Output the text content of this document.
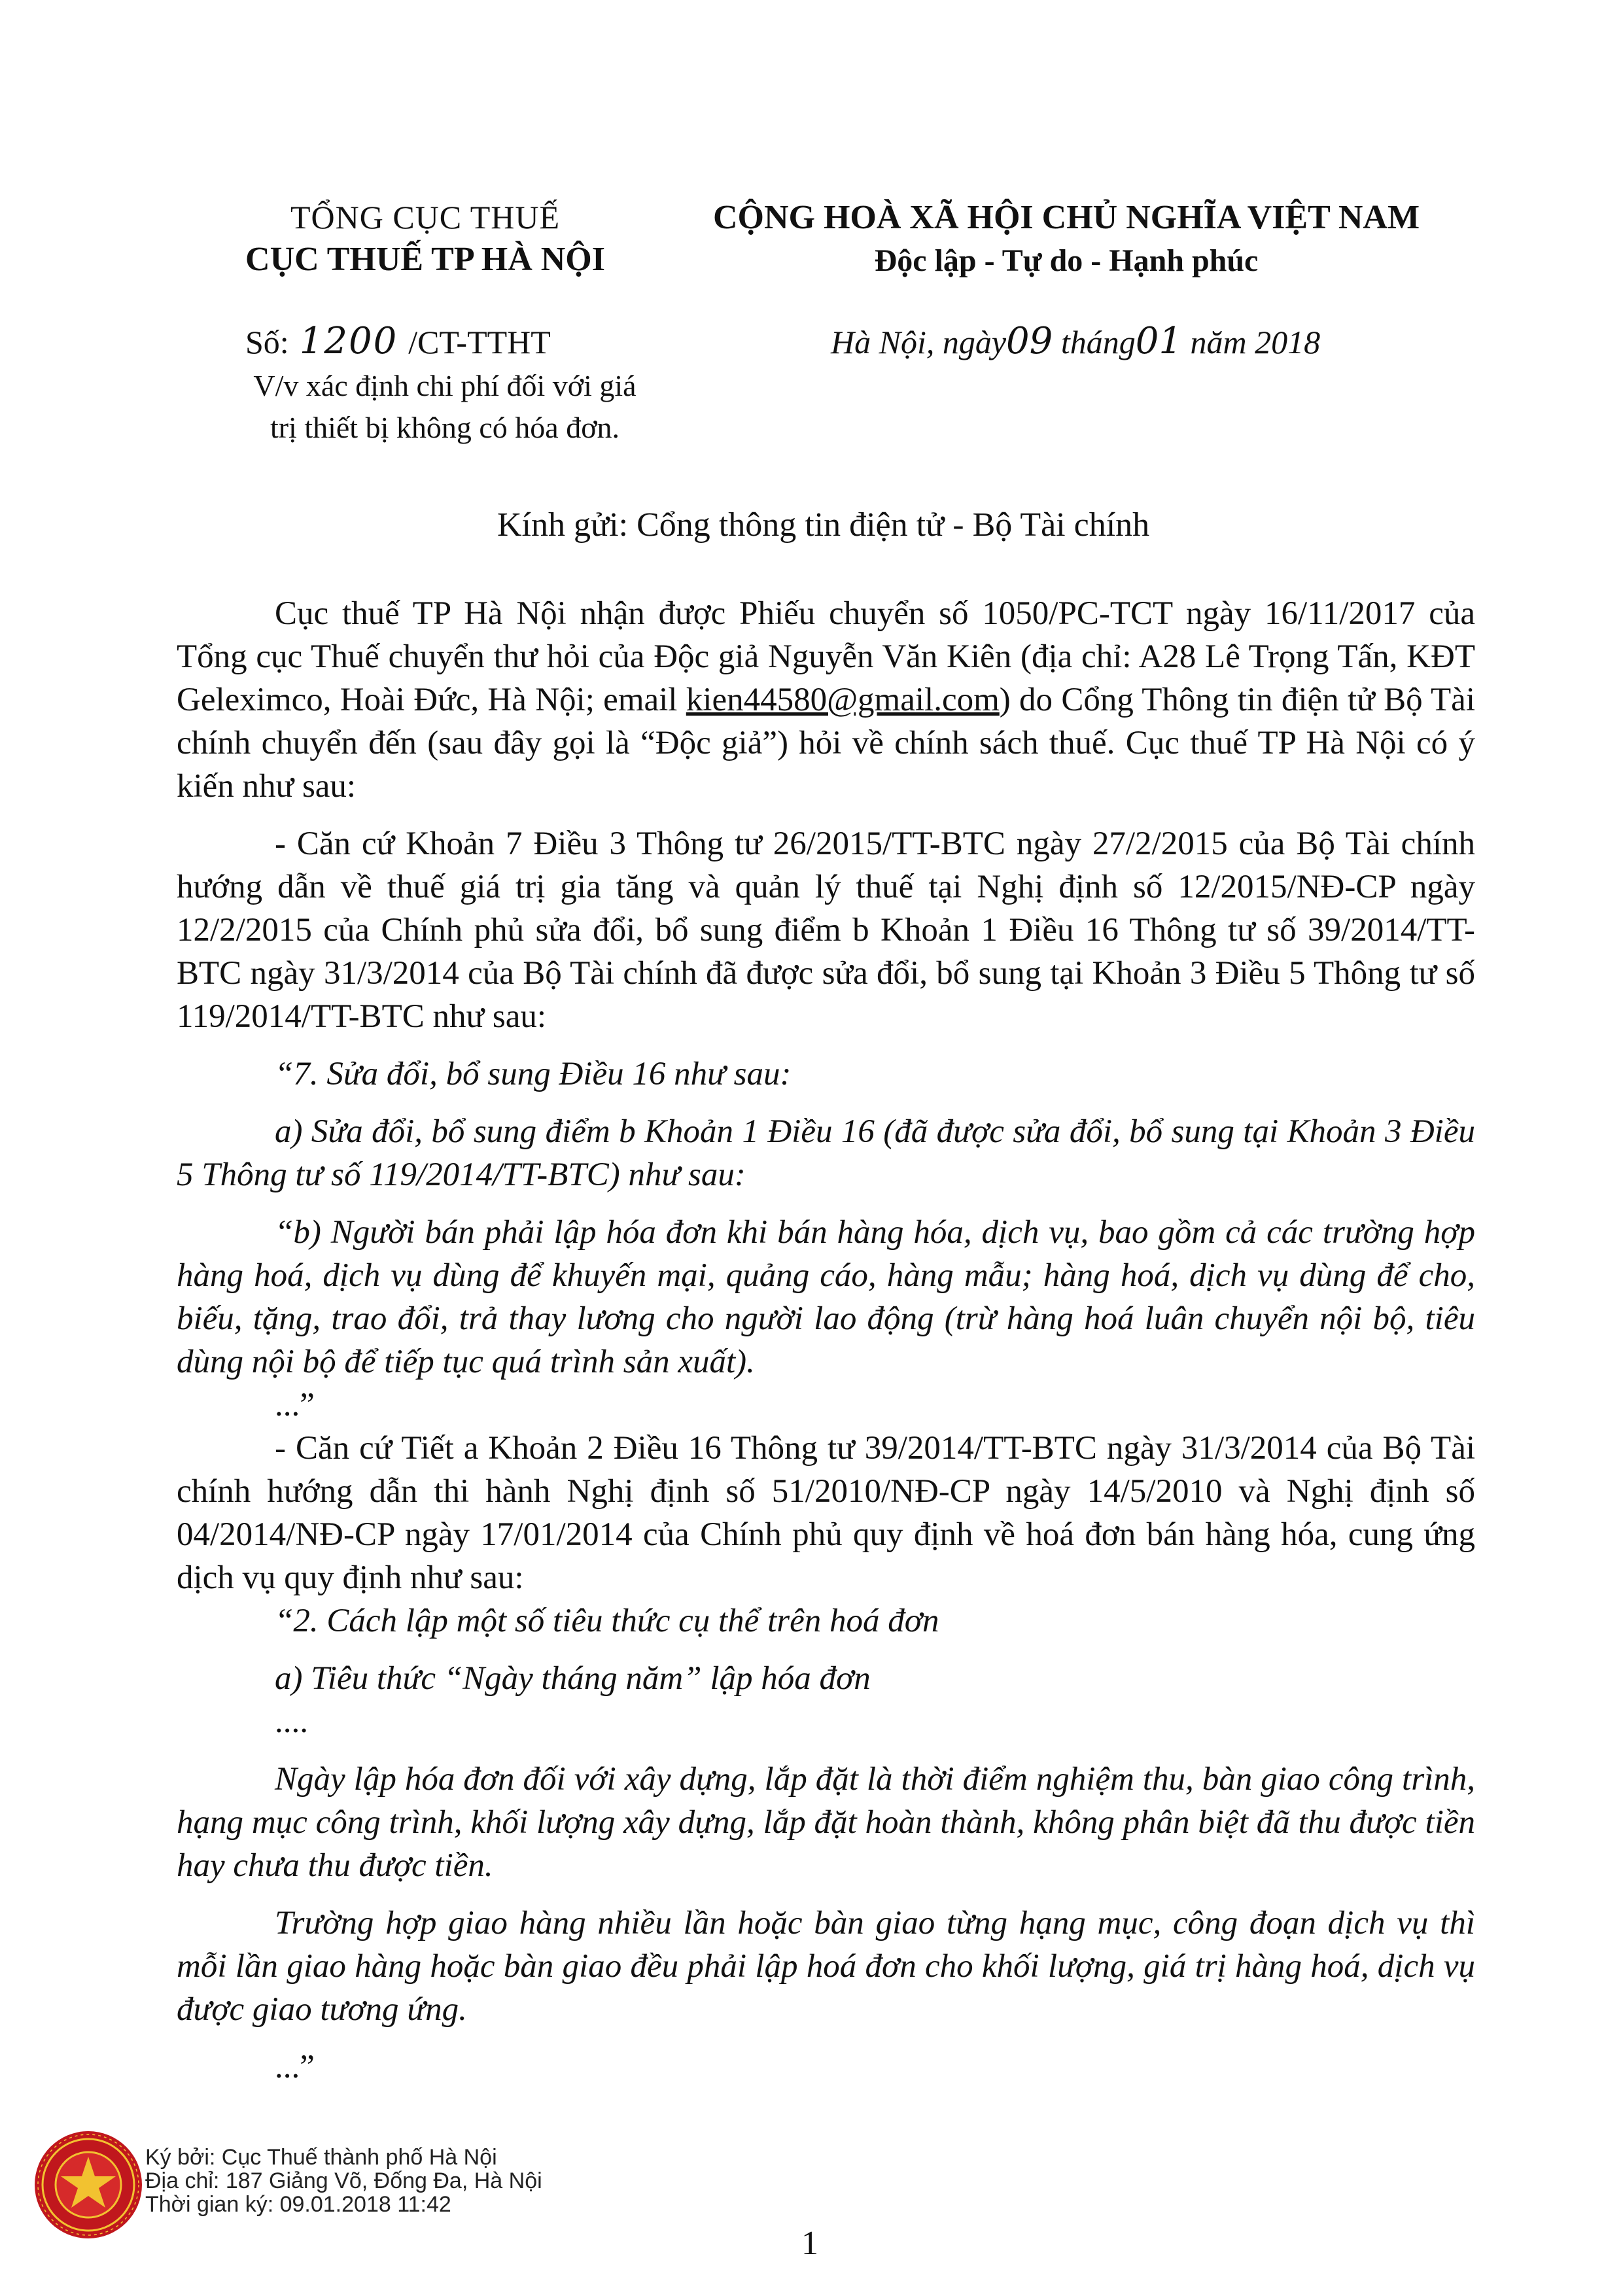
TỔNG CỤC THUẾ
CỤC THUẾ TP HÀ NỘI
CỘNG HOÀ XÃ HỘI CHỦ NGHĨA VIỆT NAM
Độc lập - Tự do - Hạnh phúc
Số: 1200 /CT-TTHT
V/v xác định chi phí đối với giá
trị thiết bị không có hóa đơn.
Hà Nội, ngày09 tháng01 năm 2018
Kính gửi: Cổng thông tin điện tử - Bộ Tài chính

Cục thuế TP Hà Nội nhận được Phiếu chuyển số 1050/PC-TCT ngày 16/11/2017 của Tổng cục Thuế chuyển thư hỏi của Độc giả Nguyễn Văn Kiên (địa chỉ: A28 Lê Trọng Tấn, KĐT Geleximco, Hoài Đức, Hà Nội; email kien44580@gmail.com) do Cổng Thông tin điện tử Bộ Tài chính chuyển đến (sau đây gọi là “Độc giả”) hỏi về chính sách thuế. Cục thuế TP Hà Nội có ý kiến như sau:

- Căn cứ Khoản 7 Điều 3 Thông tư 26/2015/TT-BTC ngày 27/2/2015 của Bộ Tài chính hướng dẫn về thuế giá trị gia tăng và quản lý thuế tại Nghị định số 12/2015/NĐ-CP ngày 12/2/2015 của Chính phủ sửa đổi, bổ sung điểm b Khoản 1 Điều 16 Thông tư số 39/2014/TT-BTC ngày 31/3/2014 của Bộ Tài chính đã được sửa đổi, bổ sung tại Khoản 3 Điều 5 Thông tư số 119/2014/TT-BTC như sau:

“7. Sửa đổi, bổ sung Điều 16 như sau:

a) Sửa đổi, bổ sung điểm b Khoản 1 Điều 16 (đã được sửa đổi, bổ sung tại Khoản 3 Điều 5 Thông tư số 119/2014/TT-BTC) như sau:

“b) Người bán phải lập hóa đơn khi bán hàng hóa, dịch vụ, bao gồm cả các trường hợp hàng hoá, dịch vụ dùng để khuyến mại, quảng cáo, hàng mẫu; hàng hoá, dịch vụ dùng để cho, biếu, tặng, trao đổi, trả thay lương cho người lao động (trừ hàng hoá luân chuyển nội bộ, tiêu dùng nội bộ để tiếp tục quá trình sản xuất).

...”

- Căn cứ Tiết a Khoản 2 Điều 16 Thông tư 39/2014/TT-BTC ngày 31/3/2014 của Bộ Tài chính hướng dẫn thi hành Nghị định số 51/2010/NĐ-CP ngày 14/5/2010 và Nghị định số 04/2014/NĐ-CP ngày 17/01/2014 của Chính phủ quy định về hoá đơn bán hàng hóa, cung ứng dịch vụ quy định như sau:

“2. Cách lập một số tiêu thức cụ thể trên hoá đơn

a) Tiêu thức “Ngày tháng năm” lập hóa đơn

....

Ngày lập hóa đơn đối với xây dựng, lắp đặt là thời điểm nghiệm thu, bàn giao công trình, hạng mục công trình, khối lượng xây dựng, lắp đặt hoàn thành, không phân biệt đã thu được tiền hay chưa thu được tiền.

Trường hợp giao hàng nhiều lần hoặc bàn giao từng hạng mục, công đoạn dịch vụ thì mỗi lần giao hàng hoặc bàn giao đều phải lập hoá đơn cho khối lượng, giá trị hàng hoá, dịch vụ được giao tương ứng.

...”

Ký bởi: Cục Thuế thành phố Hà Nội
Địa chỉ: 187 Giảng Võ, Đống Đa, Hà Nội
Thời gian ký: 09.01.2018 11:42
1
